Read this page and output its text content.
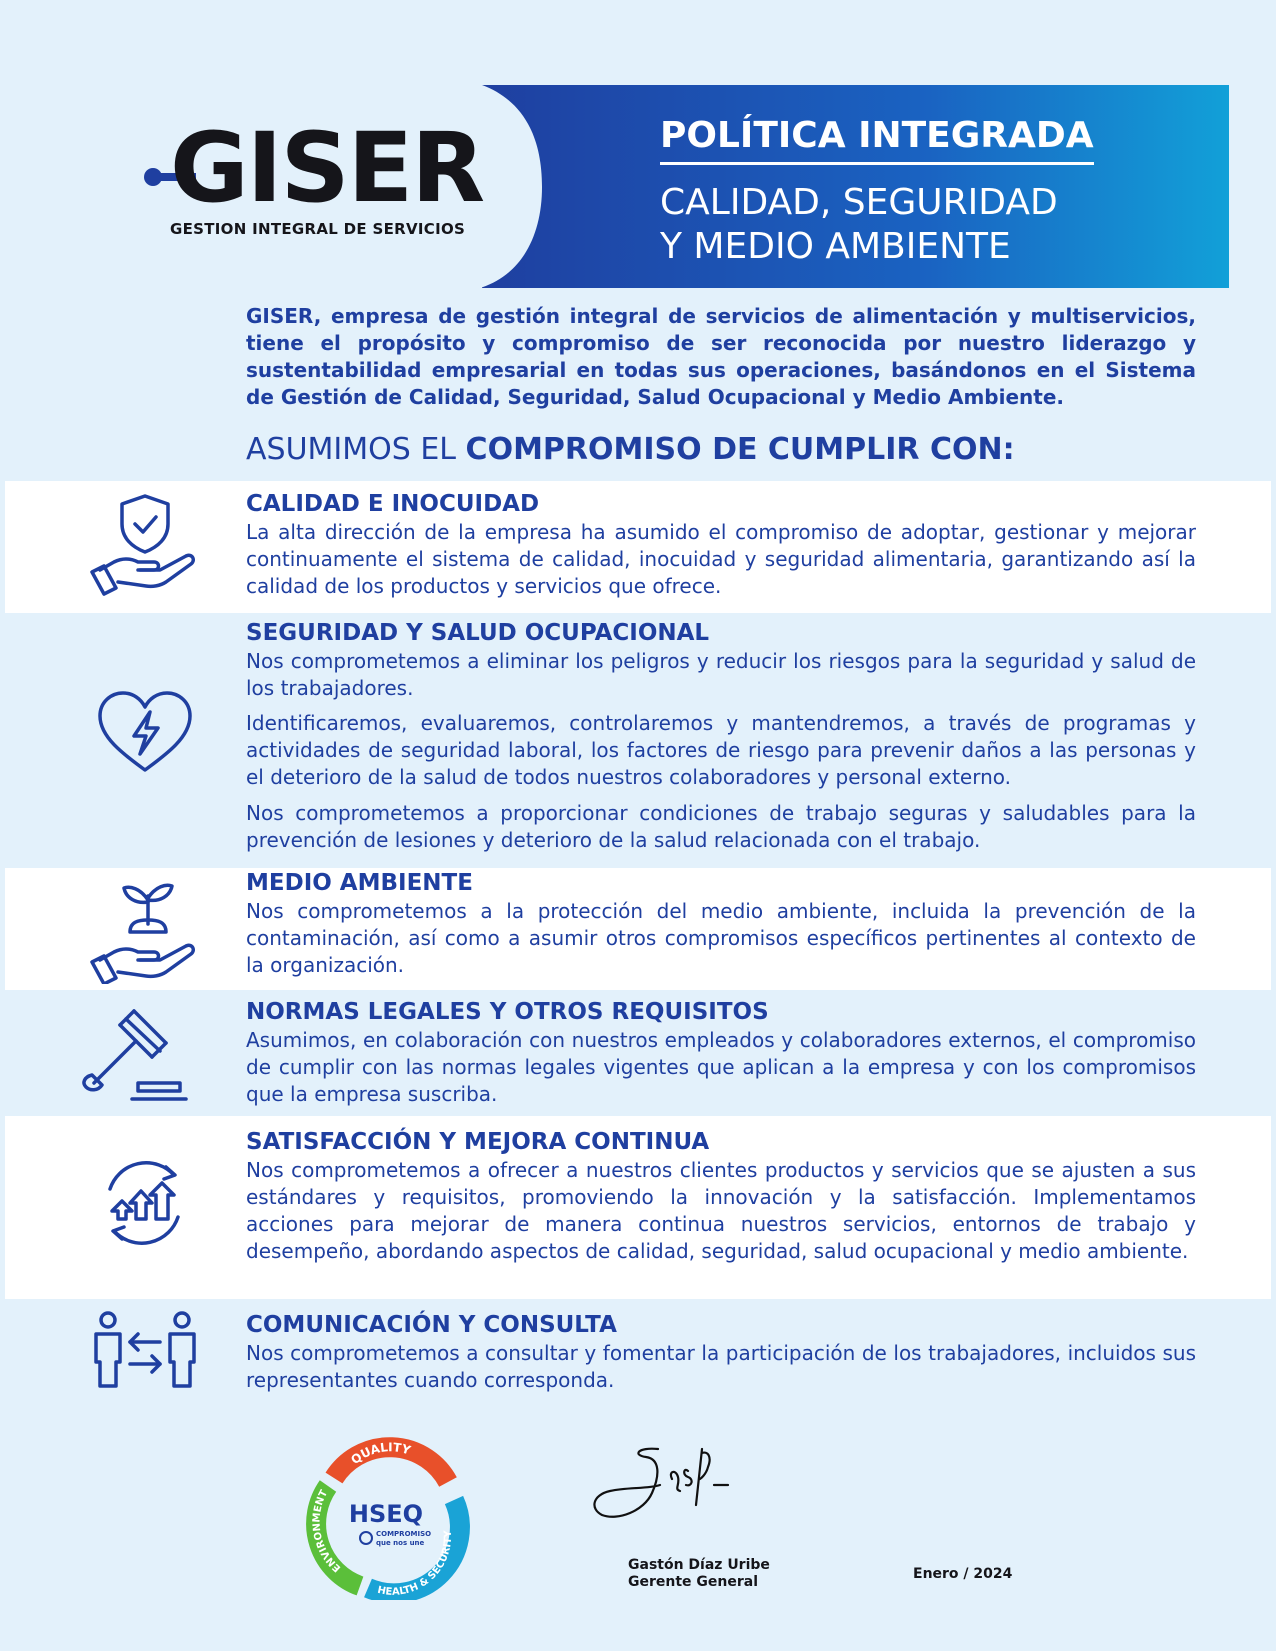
GISER
GESTION INTEGRAL DE SERVICIOS
POLÍTICA INTEGRADA
CALIDAD, SEGURIDAD
Y MEDIO AMBIENTE
GISER, empresa de gestión integral de servicios de alimentación y multiservicios, tiene el propósito y compromiso de ser reconocida por nuestro liderazgo y sustentabilidad empresarial en todas sus operaciones, basándonos en el Sistema de Gestión de Calidad, Seguridad, Salud Ocupacional y Medio Ambiente.
ASUMIMOS EL COMPROMISO DE CUMPLIR CON:
CALIDAD E INOCUIDAD
La alta dirección de la empresa ha asumido el compromiso de adoptar, gestionar y mejorar continuamente el sistema de calidad, inocuidad y seguridad alimentaria, garantizando así la calidad de los productos y servicios que ofrece.
SEGURIDAD Y SALUD OCUPACIONAL
Nos comprometemos a eliminar los peligros y reducir los riesgos para la seguridad y salud de los trabajadores.
Identificaremos, evaluaremos, controlaremos y mantendremos, a través de programas y actividades de seguridad laboral, los factores de riesgo para prevenir daños a las personas y el deterioro de la salud de todos nuestros colaboradores y personal externo.
Nos comprometemos a proporcionar condiciones de trabajo seguras y saludables para la prevención de lesiones y deterioro de la salud relacionada con el trabajo.
MEDIO AMBIENTE
Nos comprometemos a la protección del medio ambiente, incluida la prevención de la contaminación, así como a asumir otros compromisos específicos pertinentes al contexto de la organización.
NORMAS LEGALES Y OTROS REQUISITOS
Asumimos, en colaboración con nuestros empleados y colaboradores externos, el compromiso de cumplir con las normas legales vigentes que aplican a la empresa y con los compromisos que la empresa suscriba.
SATISFACCIÓN Y MEJORA CONTINUA
Nos comprometemos a ofrecer a nuestros clientes productos y servicios que se ajusten a sus estándares y requisitos, promoviendo la innovación y la satisfacción. Implementamos acciones para mejorar de manera continua nuestros servicios, entornos de trabajo y desempeño, abordando aspectos de calidad, seguridad, salud ocupacional y medio ambiente.
COMUNICACIÓN Y CONSULTA
Nos comprometemos a consultar y fomentar la participación de los trabajadores, incluidos sus representantes cuando corresponda.
QUALITY
ENVIRONMENT
HEALTH & SECURITY
HSEQ
COMPROMISO
que nos une
Gastón Díaz Uribe
Gerente General	Enero / 2024
